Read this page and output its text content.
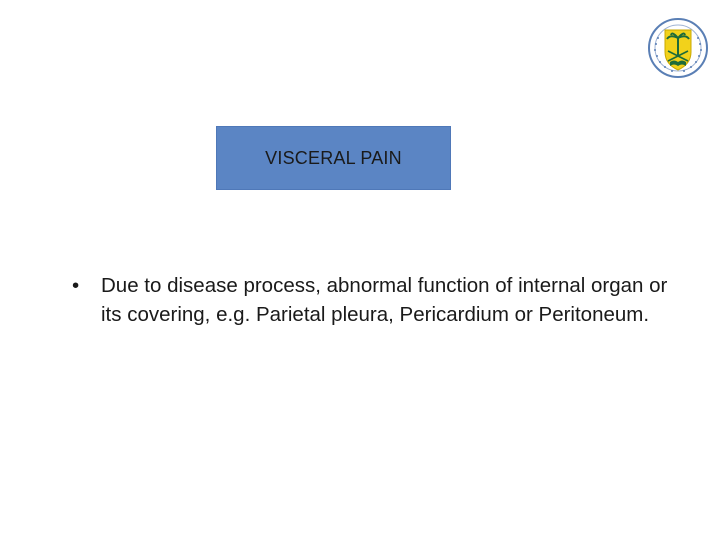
VISCERAL PAIN
• Due to disease process, abnormal function of internal organ or its covering, e.g. Parietal pleura, Pericardium or Peritoneum.
